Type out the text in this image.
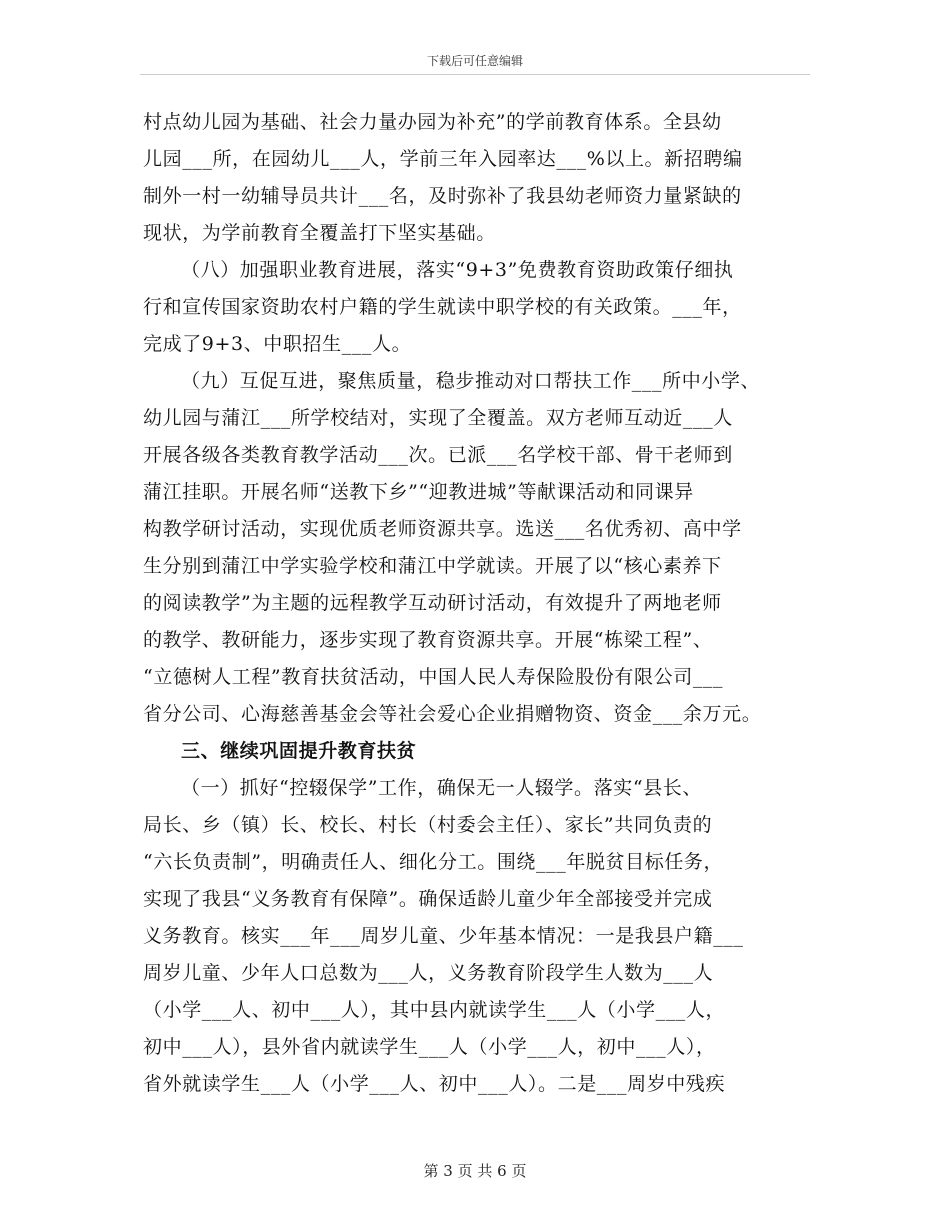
下载后可任意编辑
村点幼儿园为基础、社会力量办园为补充”的学前教育体系。全县幼
儿园___所，在园幼儿___人，学前三年入园率达___%以上。新招聘编
制外一村一幼辅导员共计___名，及时弥补了我县幼老师资力量紧缺的
现状，为学前教育全覆盖打下坚实基础。
（八）加强职业教育进展，落实“9+3”免费教育资助政策仔细执
行和宣传国家资助农村户籍的学生就读中职学校的有关政策。___年，
完成了9+3、中职招生___人。
（九）互促互进，聚焦质量，稳步推动对口帮扶工作___所中小学、
幼儿园与蒲江___所学校结对，实现了全覆盖。双方老师互动近___人
开展各级各类教育教学活动___次。已派___名学校干部、骨干老师到
蒲江挂职。开展名师“送教下乡”“迎教进城”等献课活动和同课异
构教学研讨活动，实现优质老师资源共享。选送___名优秀初、高中学
生分别到蒲江中学实验学校和蒲江中学就读。开展了以“核心素养下
的阅读教学”为主题的远程教学互动研讨活动，有效提升了两地老师
的教学、教研能力，逐步实现了教育资源共享。开展“栋梁工程”、
“立德树人工程”教育扶贫活动，中国人民人寿保险股份有限公司___
省分公司、心海慈善基金会等社会爱心企业捐赠物资、资金___余万元。
三、继续巩固提升教育扶贫
（一）抓好“控辍保学”工作，确保无一人辍学。落实“县长、
局长、乡（镇）长、校长、村长（村委会主任）、家长”共同负责的
“六长负责制”，明确责任人、细化分工。围绕___年脱贫目标任务，
实现了我县“义务教育有保障”。确保适龄儿童少年全部接受并完成
义务教育。核实___年___周岁儿童、少年基本情况：一是我县户籍___
周岁儿童、少年人口总数为___人，义务教育阶段学生人数为___人
（小学___人、初中___人），其中县内就读学生___人（小学___人，
初中___人），县外省内就读学生___人（小学___人，初中___人），
省外就读学生___人（小学___人、初中___人）。二是___周岁中残疾
第 3 页 共 6 页
